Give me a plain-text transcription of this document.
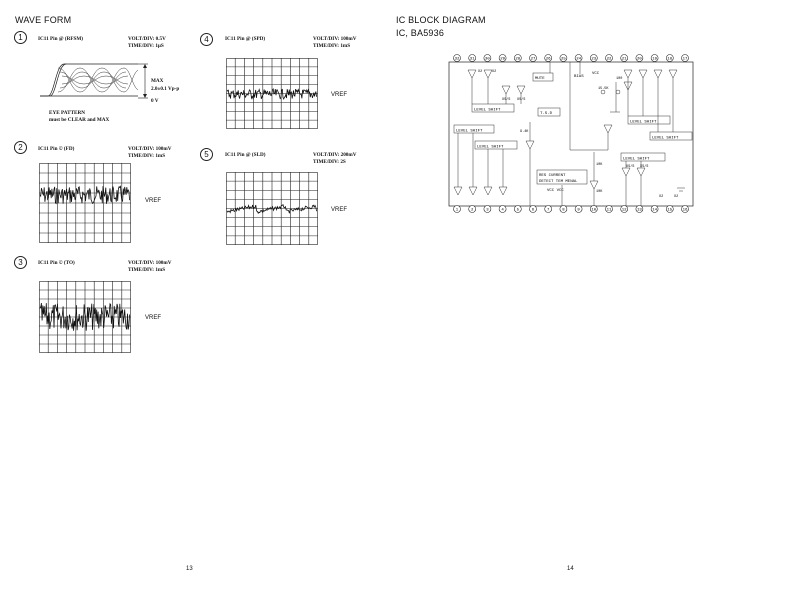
WAVE FORM
1	IC11 Pin @ (RFSM)	VOLT/DIV: 0.5V
TIME/DIV: 1µS
MAX
2.0±0.1 Vp-p
0 V
EYE PATTERN
must be CLEAR and MAX
2	IC11 Pin © (FD)	VOLT/DIV: 100mV
TIME/DIV: 1mS
VREF
3	IC11 Pin © (TO)	VOLT/DIV: 100mV
TIME/DIV: 1mS
VREF
4	IC11 Pin @ (SPD)	VOLT/DIV: 100mV
TIME/DIV: 1mS
VREF
5	IC11 Pin @ (SLD)	VOLT/DIV: 200mV
TIME/DIV: 2S
VREF
13
IC BLOCK DIAGRAM
IC, BA5936
32	31	30	29	28	27	26	25	24	23	22	21	20	19	18	17
1	2	3	4	5	6	7	8	9	10	11	12	13	14	15	16
MUTE	BIAS
VCC
T.S.D
LEVEL SHIFT
LEVEL SHIFT
LEVEL SHIFT
LEVEL SHIFT
LEVEL SHIFT
LEVEL SHIFT
RES CURRENT
DETECT TEM MENAL
VCC VCC
X2	X2
XS/S XS/S
XS/S XS/S
X2	X2
10K
10K
15.5K
100
9.4K
14
